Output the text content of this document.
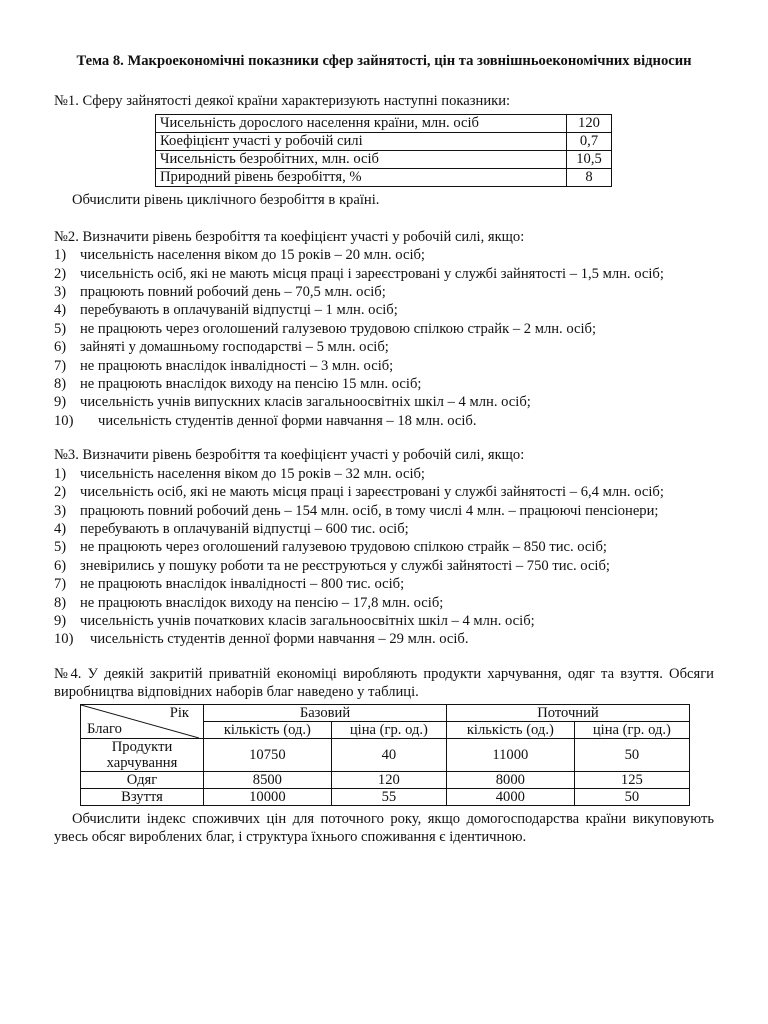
Тема 8. Макроекономічні показники сфер зайнятості, цін та зовнішньоекономічних відносин

№1. Сферу зайнятості деякої країни характеризують наступні показники:

Чисельність дорослого населення країни, млн. осіб	120
Коефіцієнт участі у робочій силі	0,7
Чисельність безробітних, млн. осіб	10,5
Природний рівень безробіття, %	8

Обчислити рівень циклічного безробіття в країні.

№2. Визначити рівень безробіття та коефіцієнт участі у робочій силі, якщо:

1) чисельність населення віком до 15 років – 20 млн. осіб;
2) чисельність осіб, які не мають місця праці і зареєстровані у службі зайнятості – 1,5 млн. осіб;
3) працюють повний робочий день – 70,5 млн. осіб;
4) перебувають в оплачуваній відпустці – 1 млн. осіб;
5) не працюють через оголошений галузевою трудовою спілкою страйк – 2 млн. осіб;
6) зайняті у домашньому господарстві – 5 млн. осіб;
7) не працюють внаслідок інвалідності – 3 млн. осіб;
8) не працюють внаслідок виходу на пенсію 15 млн. осіб;
9) чисельність учнів випускних класів загальноосвітніх шкіл – 4 млн. осіб;
10) чисельність студентів денної форми навчання – 18 млн. осіб.

№3. Визначити рівень безробіття та коефіцієнт участі у робочій силі, якщо:

1) чисельність населення віком до 15 років – 32 млн. осіб;
2) чисельність осіб, які не мають місця праці і зареєстровані у службі зайнятості – 6,4 млн. осіб;
3) працюють повний робочий день – 154 млн. осіб, в тому числі 4 млн. – працюючі пенсіонери;
4) перебувають в оплачуваній відпустці – 600 тис. осіб;
5) не працюють через оголошений галузевою трудовою спілкою страйк – 850 тис. осіб;
6) зневірились у пошуку роботи та не реєструються у службі зайнятості – 750 тис. осіб;
7) не працюють внаслідок інвалідності – 800 тис. осіб;
8) не працюють внаслідок виходу на пенсію – 17,8 млн. осіб;
9) чисельність учнів початкових класів загальноосвітніх шкіл – 4 млн. осіб;
10) чисельність студентів денної форми навчання – 29 млн. осіб.

№4. У деякій закритій приватній економіці виробляють продукти харчування, одяг та взуття. Обсяги виробництва відповідних наборів благ наведено у таблиці.

Рік
Благо	Базовий		Поточний	
	кількість (од.)	ціна (гр. од.)	кількість (од.)	ціна (гр. од.)
Продукти харчування	10750	40	11000	50
Одяг	8500	120	8000	125
Взуття	10000	55	4000	50

Обчислити індекс споживчих цін для поточного року, якщо домогосподарства країни викуповують увесь обсяг вироблених благ, і структура їхнього споживання є ідентичною.
